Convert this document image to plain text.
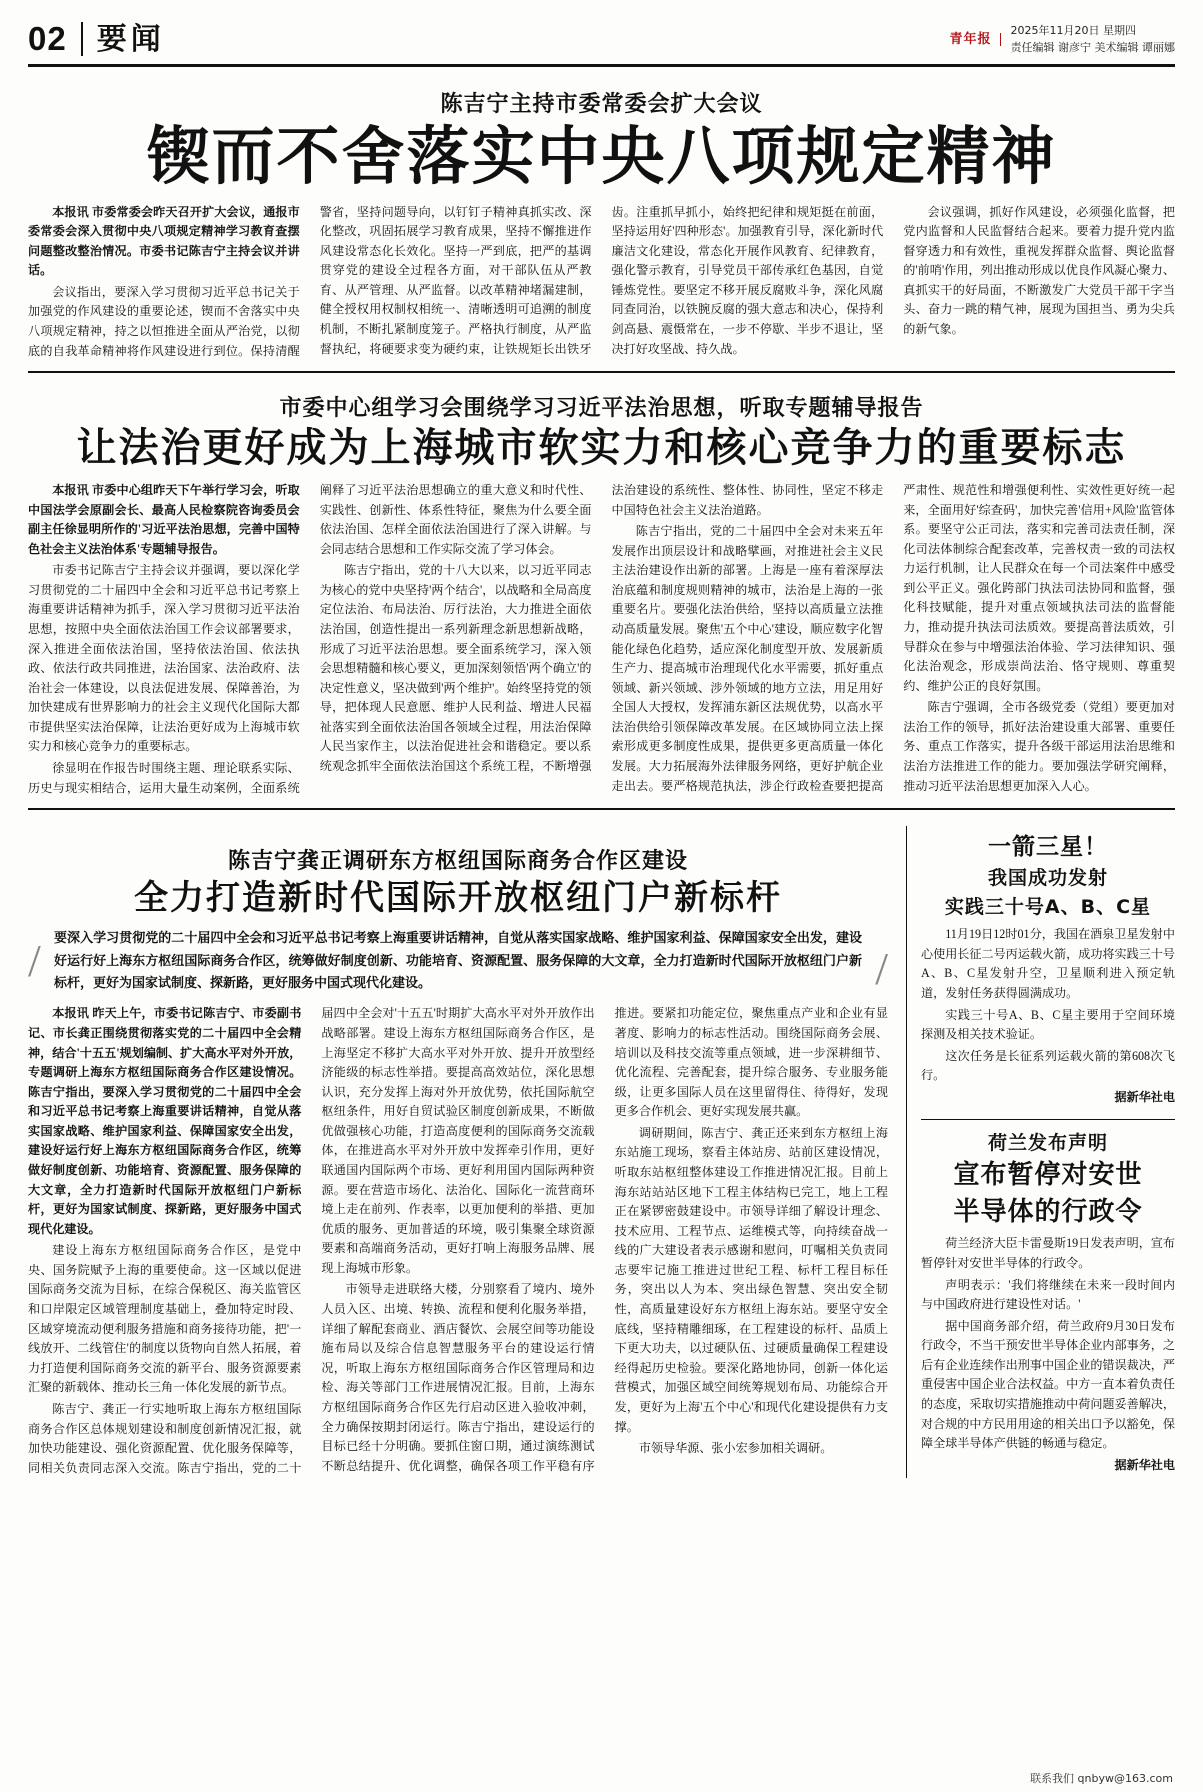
02 要闻	青年报
2025年11月20日 星期四
责任编辑 谢彦宁 美术编辑 谭丽娜
陈吉宁主持市委常委会扩大会议
锲而不舍落实中央八项规定精神

本报讯 市委常委会昨天召开扩大会议，通报市委常委会深入贯彻中央八项规定精神学习教育查摆问题整改整治情况。市委书记陈吉宁主持会议并讲话。

会议指出，要深入学习贯彻习近平总书记关于加强党的作风建设的重要论述，锲而不舍落实中央八项规定精神，持之以恒推进全面从严治党，以彻底的自我革命精神将作风建设进行到位。保持清醒警省，坚持问题导向，以钉钉子精神真抓实改、深化整改，巩固拓展学习教育成果，坚持不懈推进作风建设常态化长效化。坚持一严到底，把严的基调贯穿党的建设全过程各方面，对干部队伍从严教育、从严管理、从严监督。以改革精神堵漏建制，健全授权用权制权相统一、清晰透明可追溯的制度机制，不断扎紧制度笼子。严格执行制度，从严监督执纪，将硬要求变为硬约束，让铁规矩长出铁牙齿。注重抓早抓小，始终把纪律和规矩挺在前面，坚持运用好'四种形态'。加强教育引导，深化新时代廉洁文化建设，常态化开展作风教育、纪律教育，强化警示教育，引导党员干部传承红色基因，自觉锤炼党性。要坚定不移开展反腐败斗争，深化风腐同查同治，以铁腕反腐的强大意志和决心，保持利剑高悬、震慑常在，一步不停歇、半步不退让，坚决打好攻坚战、持久战。

会议强调，抓好作风建设，必须强化监督，把党内监督和人民监督结合起来。要着力提升党内监督穿透力和有效性，重视发挥群众监督、舆论监督的'前哨'作用，列出推动形成以优良作风凝心聚力、真抓实干的好局面，不断激发广大党员干部干字当头、奋力一跳的精气神，展现为国担当、勇为尖兵的新气象。

市委中心组学习会围绕学习习近平法治思想，听取专题辅导报告
让法治更好成为上海城市软实力和核心竞争力的重要标志

本报讯 市委中心组昨天下午举行学习会，听取中国法学会原副会长、最高人民检察院咨询委员会副主任徐显明所作的'习近平法治思想，完善中国特色社会主义法治体系'专题辅导报告。

市委书记陈吉宁主持会议并强调，要以深化学习贯彻党的二十届四中全会和习近平总书记考察上海重要讲话精神为抓手，深入学习贯彻习近平法治思想，按照中央全面依法治国工作会议部署要求，深入推进全面依法治国，坚持依法治国、依法执政、依法行政共同推进，法治国家、法治政府、法治社会一体建设，以良法促进发展、保障善治，为加快建成有世界影响力的社会主义现代化国际大都市提供坚实法治保障，让法治更好成为上海城市软实力和核心竞争力的重要标志。

徐显明在作报告时围绕主题、理论联系实际、历史与现实相结合，运用大量生动案例，全面系统阐释了习近平法治思想确立的重大意义和时代性、实践性、创新性、体系性特征，聚焦为什么要全面依法治国、怎样全面依法治国进行了深入讲解。与会同志结合思想和工作实际交流了学习体会。

陈吉宁指出，党的十八大以来，以习近平同志为核心的党中央坚持'两个结合'，以战略和全局高度定位法治、布局法治、厉行法治，大力推进全面依法治国，创造性提出一系列新理念新思想新战略，形成了习近平法治思想。要全面系统学习，深入领会思想精髓和核心要义，更加深刻领悟'两个确立'的决定性意义，坚决做到'两个维护'。始终坚持党的领导，把体现人民意愿、维护人民利益、增进人民福祉落实到全面依法治国各领域全过程，用法治保障人民当家作主，以法治促进社会和谐稳定。要以系统观念抓牢全面依法治国这个系统工程，不断增强法治建设的系统性、整体性、协同性，坚定不移走中国特色社会主义法治道路。

陈吉宁指出，党的二十届四中全会对未来五年发展作出顶层设计和战略擘画，对推进社会主义民主法治建设作出新的部署。上海是一座有着深厚法治底蕴和制度规则精神的城市，法治是上海的一张重要名片。要强化法治供给，坚持以高质量立法推动高质量发展。聚焦'五个中心'建设，顺应数字化智能化绿色化趋势，适应深化制度型开放、发展新质生产力、提高城市治理现代化水平需要，抓好重点领域、新兴领域、涉外领域的地方立法，用足用好全国人大授权，发挥浦东新区法规优势，以高水平法治供给引领保障改革发展。在区域协同立法上探索形成更多制度性成果，提供更多更高质量一体化发展。大力拓展海外法律服务网络，更好护航企业走出去。要严格规范执法，涉企行政检查要把提高严肃性、规范性和增强便利性、实效性更好统一起来，全面用好'综查码'，加快完善'信用+风险'监管体系。要坚守公正司法，落实和完善司法责任制，深化司法体制综合配套改革，完善权责一致的司法权力运行机制，让人民群众在每一个司法案件中感受到公平正义。强化跨部门执法司法协同和监督，强化科技赋能，提升对重点领域执法司法的监督能力，推动提升执法司法质效。要提高普法质效，引导群众在参与中增强法治体验、学习法律知识、强化法治观念，形成崇尚法治、恪守规则、尊重契约、维护公正的良好氛围。

陈吉宁强调，全市各级党委（党组）要更加对法治工作的领导，抓好法治建设重大部署、重要任务、重点工作落实，提升各级干部运用法治思维和法治方法推进工作的能力。要加强法学研究阐释，推动习近平法治思想更加深入人心。

陈吉宁龚正调研东方枢纽国际商务合作区建设
全力打造新时代国际开放枢纽门户新标杆
/ 要深入学习贯彻党的二十届四中全会和习近平总书记考察上海重要讲话精神，自觉从落实国家战略、维护国家利益、保障国家安全出发，建设好运行好上海东方枢纽国际商务合作区，统筹做好制度创新、功能培育、资源配置、服务保障的大文章，全力打造新时代国际开放枢纽门户新标杆，更好为国家试制度、探新路，更好服务中国式现代化建设。	/

本报讯 昨天上午，市委书记陈吉宁、市委副书记、市长龚正围绕贯彻落实党的二十届四中全会精神，结合'十五五'规划编制、扩大高水平对外开放，专题调研上海东方枢纽国际商务合作区建设情况。陈吉宁指出，要深入学习贯彻党的二十届四中全会和习近平总书记考察上海重要讲话精神，自觉从落实国家战略、维护国家利益、保障国家安全出发，建设好运行好上海东方枢纽国际商务合作区，统筹做好制度创新、功能培育、资源配置、服务保障的大文章，全力打造新时代国际开放枢纽门户新标杆，更好为国家试制度、探新路，更好服务中国式现代化建设。

建设上海东方枢纽国际商务合作区，是党中央、国务院赋予上海的重要使命。这一区域以促进国际商务交流为目标，在综合保税区、海关监管区和口岸限定区域管理制度基础上，叠加特定时段、区域穿境流动便利服务措施和商务接待功能，把'一线放开、二线管住'的制度以货物向自然人拓展，着力打造便利国际商务交流的新平台、服务资源要素汇聚的新载体、推动长三角一体化发展的新节点。

陈吉宁、龚正一行实地听取上海东方枢纽国际商务合作区总体规划建设和制度创新情况汇报，就加快功能建设、强化资源配置、优化服务保障等，同相关负责同志深入交流。陈吉宁指出，党的二十届四中全会对'十五五'时期扩大高水平对外开放作出战略部署。建设上海东方枢纽国际商务合作区，是上海坚定不移扩大高水平对外开放、提升开放型经济能级的标志性举措。要提高高效站位，深化思想认识，充分发挥上海对外开放优势，依托国际航空枢纽条件，用好自贸试验区制度创新成果，不断做优做强核心功能，打造高度便利的国际商务交流载体，在推进高水平对外开放中发挥牵引作用，更好联通国内国际两个市场、更好利用国内国际两种资源。要在营造市场化、法治化、国际化一流营商环境上走在前列、作表率，以更加便利的举措、更加优质的服务、更加普适的环境，吸引集聚全球资源要素和高端商务活动，更好打响上海服务品牌、展现上海城市形象。

市领导走进联络大楼，分别察看了境内、境外人员入区、出境、转换、流程和便利化服务举措，详细了解配套商业、酒店餐饮、会展空间等功能设施布局以及综合信息智慧服务平台的建设运行情况，听取上海东方枢纽国际商务合作区管理局和边检、海关等部门工作进展情况汇报。目前，上海东方枢纽国际商务合作区先行启动区进入验收冲刺，全力确保按期封闭运行。陈吉宁指出，建设运行的目标已经十分明确。要抓住窗口期，通过演练测试不断总结提升、优化调整，确保各项工作平稳有序推进。要紧扣功能定位，聚焦重点产业和企业有显著度、影响力的标志性活动。围绕国际商务会展、培训以及科技交流等重点领域，进一步深耕细节、优化流程、完善配套，提升综合服务、专业服务能级，让更多国际人员在这里留得住、待得好，发现更多合作机会、更好实现发展共赢。

调研期间，陈吉宁、龚正还来到东方枢纽上海东站施工现场，察看主体站房、站前区建设情况，听取东站枢纽整体建设工作推进情况汇报。目前上海东站站站区地下工程主体结构已完工，地上工程正在紧锣密鼓建设中。市领导详细了解设计理念、技术应用、工程节点、运维模式等，向持续奋战一线的广大建设者表示感谢和慰问，叮嘱相关负责同志要牢记施工推进过世纪工程、标杆工程目标任务，突出以人为本、突出绿色智慧、突出安全韧性，高质量建设好东方枢纽上海东站。要坚守安全底线，坚持精雕细琢，在工程建设的标杆、品质上下更大功夫，以过硬队伍、过硬质量确保工程建设经得起历史检验。要深化路地协同，创新一体化运营模式，加强区域空间统筹规划布局、功能综合开发，更好为上海'五个中心'和现代化建设提供有力支撑。

市领导华源、张小宏参加相关调研。

一箭三星！
我国成功发射
实践三十号A、B、C星

11月19日12时01分，我国在酒泉卫星发射中心使用长征二号丙运载火箭，成功将实践三十号A、B、C星发射升空，卫星顺利进入预定轨道，发射任务获得圆满成功。

实践三十号A、B、C星主要用于空间环境探测及相关技术验证。

这次任务是长征系列运载火箭的第608次飞行。

据新华社电

荷兰发布声明
宣布暂停对安世
半导体的行政令

荷兰经济大臣卡雷曼斯19日发表声明，宣布暂停针对安世半导体的行政令。

声明表示：'我们将继续在未来一段时间内与中国政府进行建设性对话。'

据中国商务部介绍，荷兰政府9月30日发布行政令，不当干预安世半导体企业内部事务，之后有企业连续作出刑事中国企业的错误裁决，严重侵害中国企业合法权益。中方一直本着负责任的态度，采取切实措施推动中荷问题妥善解决，对合规的中方民用用途的相关出口予以豁免，保障全球半导体产供链的畅通与稳定。

据新华社电

联系我们 qnbyw@163.com
